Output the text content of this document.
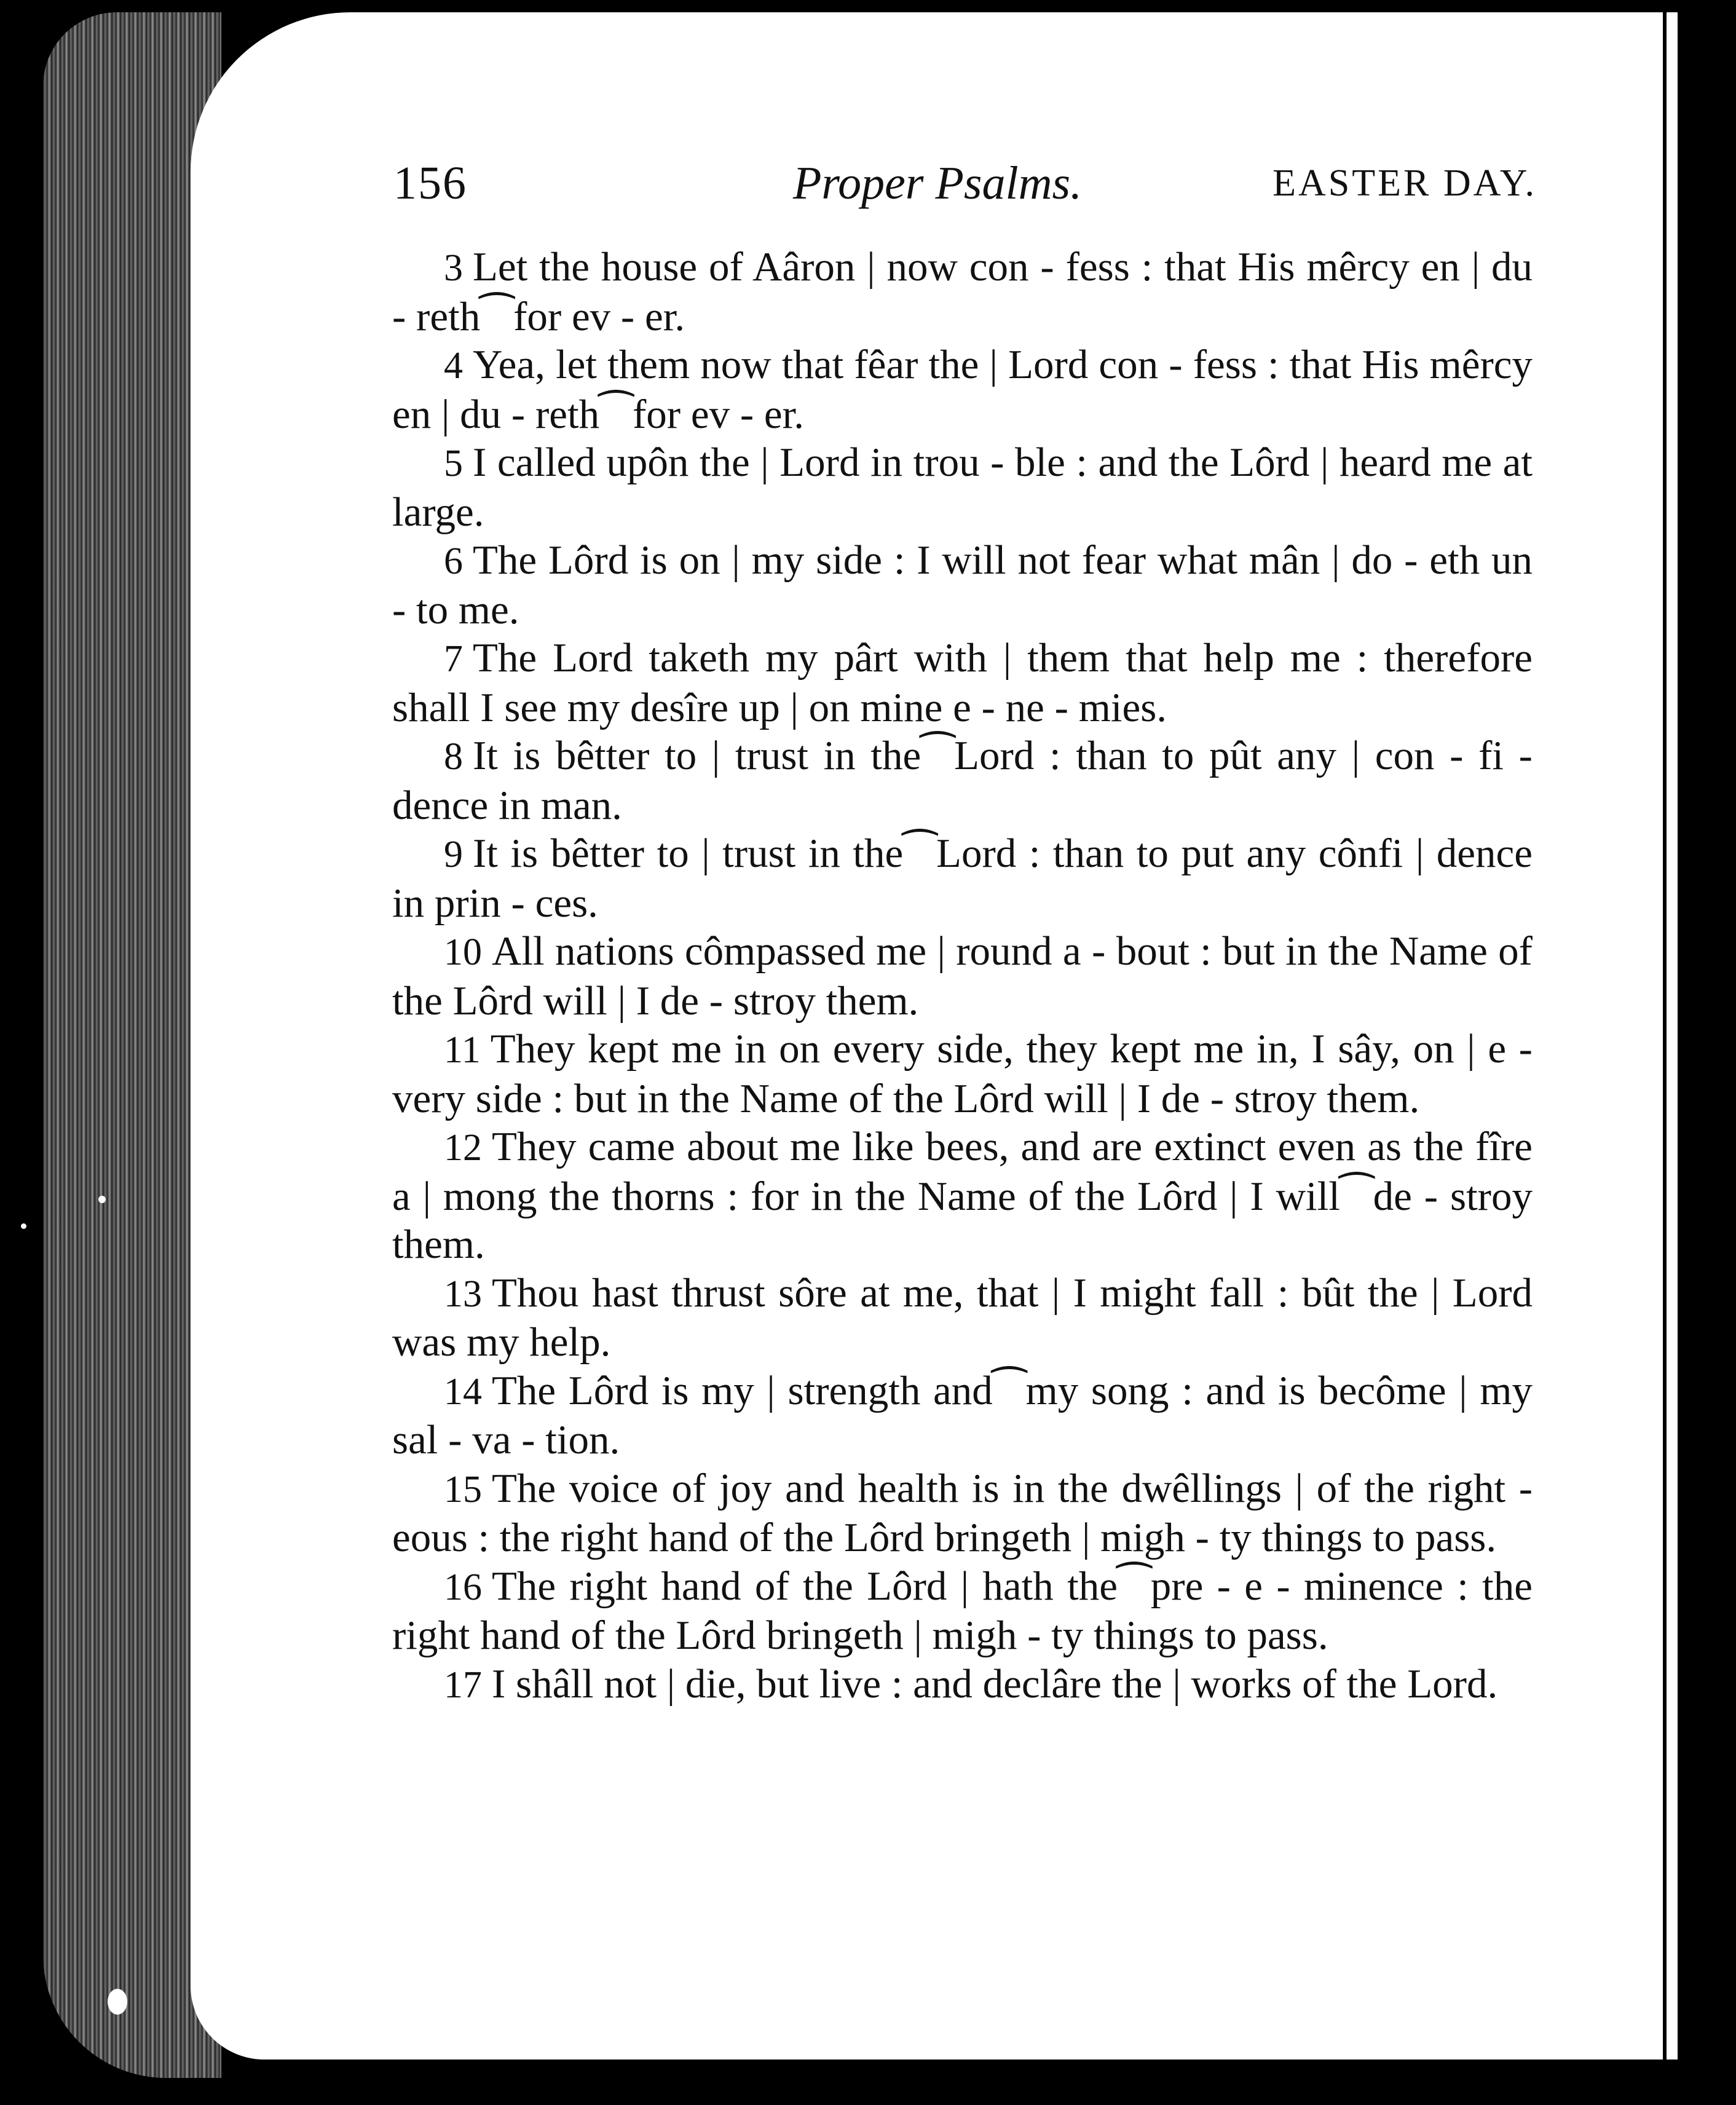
156	Proper Psalms.	EASTER DAY.

3 Let the house of Aâron | now con - fess : that His mêrcy en | du - reth⁀for ev - er.

4 Yea, let them now that fêar the | Lord con - fess : that His mêrcy en | du - reth⁀for ev - er.

5 I called upôn the | Lord in trou - ble : and the Lôrd | heard me at large.

6 The Lôrd is on | my side : I will not fear what mân | do - eth un - to me.

7 The Lord taketh my pârt with | them that help me : therefore shall I see my desîre up | on mine e - ne - mies.

8 It is bêtter to | trust in the⁀Lord : than to pût any | con - fi - dence in man.

9 It is bêtter to | trust in the⁀Lord : than to put any cônfi | dence in prin - ces.

10 All nations cômpassed me | round a - bout : but in the Name of the Lôrd will | I de - stroy them.

11 They kept me in on every side, they kept me in, I sây, on | e - very side : but in the Name of the Lôrd will | I de - stroy them.

12 They came about me like bees, and are extinct even as the fîre a | mong the thorns : for in the Name of the Lôrd | I will⁀de - stroy them.

13 Thou hast thrust sôre at me, that | I might fall : bût the | Lord was my help.

14 The Lôrd is my | strength and⁀my song : and is becôme | my sal - va - tion.

15 The voice of joy and health is in the dwêllings | of the right - eous : the right hand of the Lôrd bringeth | migh - ty things to pass.

16 The right hand of the Lôrd | hath the⁀pre - e - minence : the right hand of the Lôrd bringeth | migh - ty things to pass.

17 I shâll not | die, but live : and declâre the | works of the Lord.
